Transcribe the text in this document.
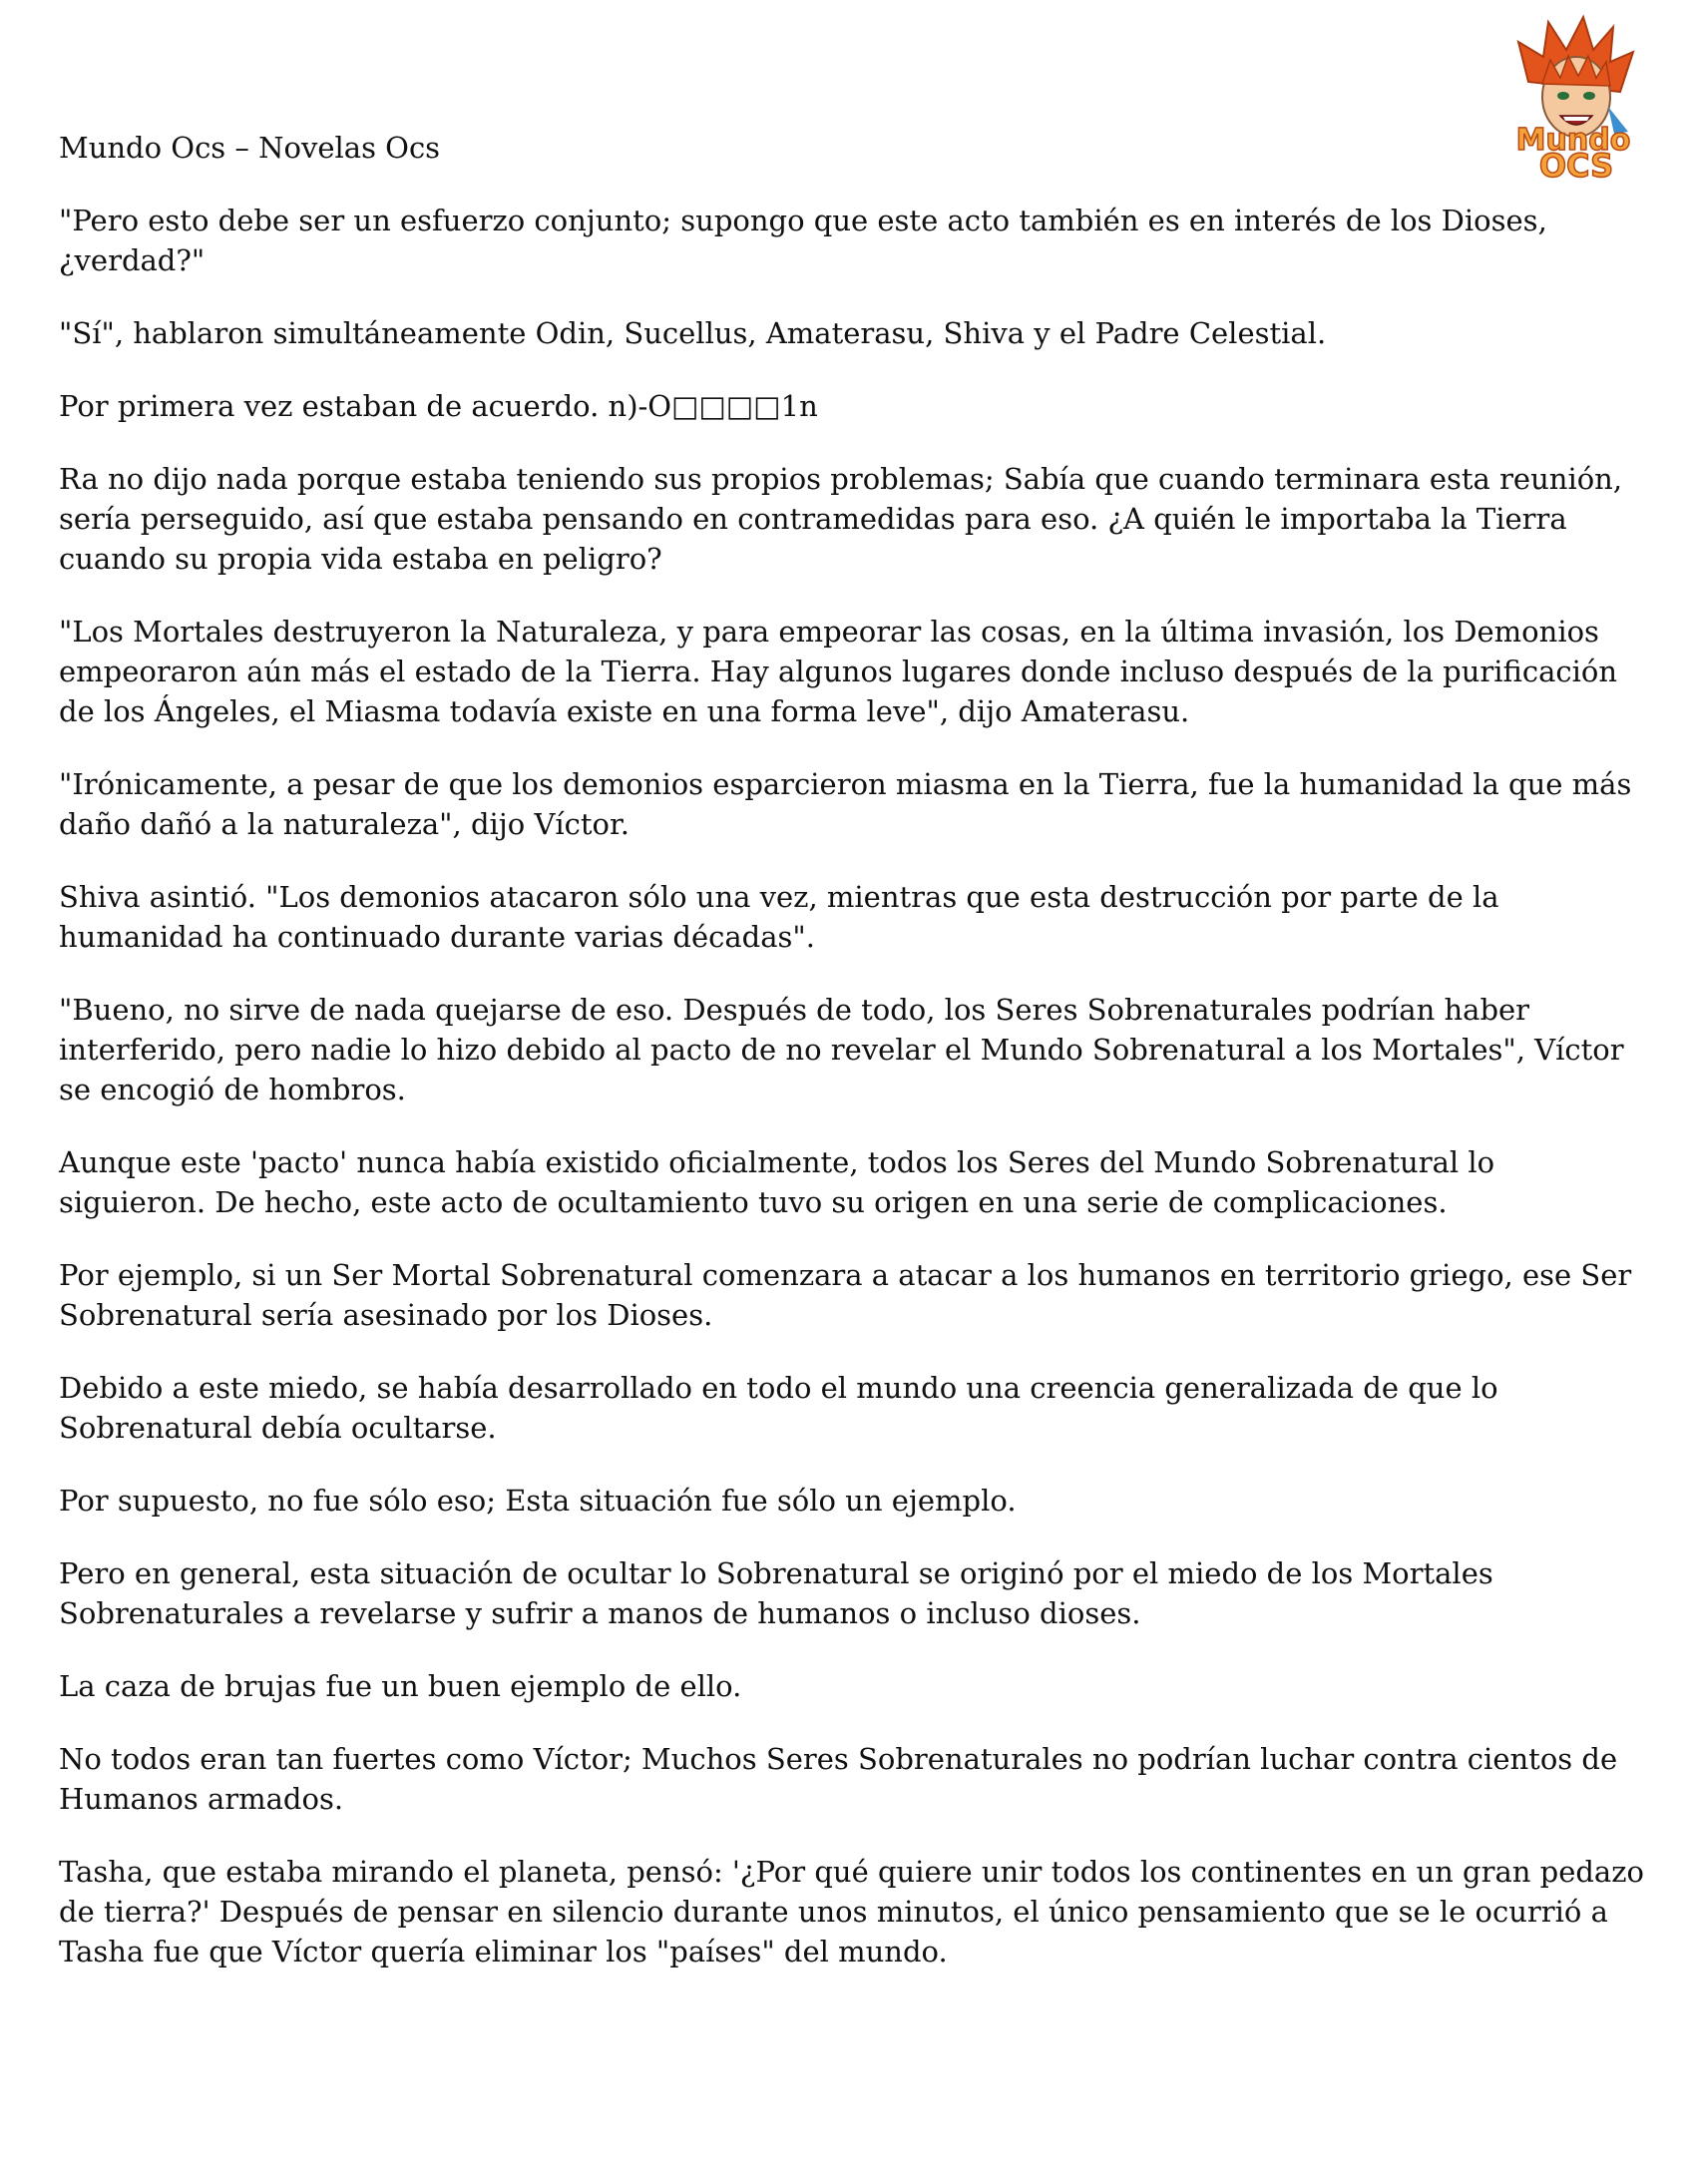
Mundo
OCS
Mundo Ocs – Novelas Ocs

"Pero esto debe ser un esfuerzo conjunto; supongo que este acto también es en interés de los Dioses, ¿verdad?"

"Sí", hablaron simultáneamente Odin, Sucellus, Amaterasu, Shiva y el Padre Celestial.

Por primera vez estaban de acuerdo. n)-O□□□□1n

Ra no dijo nada porque estaba teniendo sus propios problemas; Sabía que cuando terminara esta reunión, sería perseguido, así que estaba pensando en contramedidas para eso. ¿A quién le importaba la Tierra cuando su propia vida estaba en peligro?

"Los Mortales destruyeron la Naturaleza, y para empeorar las cosas, en la última invasión, los Demonios empeoraron aún más el estado de la Tierra. Hay algunos lugares donde incluso después de la purificación de los Ángeles, el Miasma todavía existe en una forma leve", dijo Amaterasu.

"Irónicamente, a pesar de que los demonios esparcieron miasma en la Tierra, fue la humanidad la que más daño dañó a la naturaleza", dijo Víctor.

Shiva asintió. "Los demonios atacaron sólo una vez, mientras que esta destrucción por parte de la humanidad ha continuado durante varias décadas".

"Bueno, no sirve de nada quejarse de eso. Después de todo, los Seres Sobrenaturales podrían haber interferido, pero nadie lo hizo debido al pacto de no revelar el Mundo Sobrenatural a los Mortales", Víctor se encogió de hombros.

Aunque este 'pacto' nunca había existido oficialmente, todos los Seres del Mundo Sobrenatural lo siguieron. De hecho, este acto de ocultamiento tuvo su origen en una serie de complicaciones.

Por ejemplo, si un Ser Mortal Sobrenatural comenzara a atacar a los humanos en territorio griego, ese Ser Sobrenatural sería asesinado por los Dioses.

Debido a este miedo, se había desarrollado en todo el mundo una creencia generalizada de que lo Sobrenatural debía ocultarse.

Por supuesto, no fue sólo eso; Esta situación fue sólo un ejemplo.

Pero en general, esta situación de ocultar lo Sobrenatural se originó por el miedo de los Mortales Sobrenaturales a revelarse y sufrir a manos de humanos o incluso dioses.

La caza de brujas fue un buen ejemplo de ello.

No todos eran tan fuertes como Víctor; Muchos Seres Sobrenaturales no podrían luchar contra cientos de Humanos armados.

Tasha, que estaba mirando el planeta, pensó: '¿Por qué quiere unir todos los continentes en un gran pedazo de tierra?' Después de pensar en silencio durante unos minutos, el único pensamiento que se le ocurrió a Tasha fue que Víctor quería eliminar los "países" del mundo.
